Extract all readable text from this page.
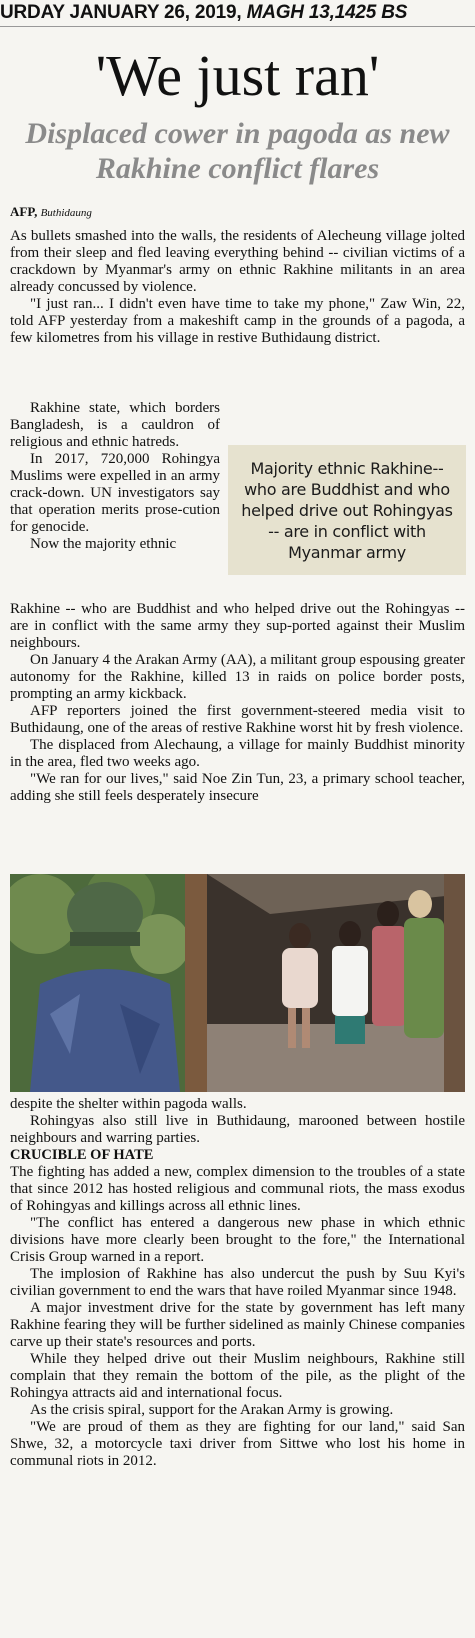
URDAY JANUARY 26, 2019, MAGH 13,1425 BS
'We just ran'
Displaced cower in pagoda as new Rakhine conflict flares
AFP, Buthidaung

As bullets smashed into the walls, the residents of Alecheung village jolted from their sleep and fled leaving everything behind -- civilian victims of a crackdown by Myanmar's army on ethnic Rakhine militants in an area already concussed by violence.

"I just ran... I didn't even have time to take my phone," Zaw Win, 22, told AFP yesterday from a makeshift camp in the grounds of a pagoda, a few kilometres from his village in restive Buthidaung district.

Rakhine state, which borders Bangladesh, is a cauldron of religious and ethnic hatreds.

In 2017, 720,000 Rohingya Muslims were expelled in an army crack-down. UN investigators say that operation merits prose-cution for genocide.

Now the majority ethnic

Majority ethnic Rakhine-- who are Buddhist and who helped drive out Rohingyas -- are in conflict with Myanmar army

Rakhine -- who are Buddhist and who helped drive out the Rohingyas -- are in conflict with the same army they sup-ported against their Muslim neighbours.

On January 4 the Arakan Army (AA), a militant group espousing greater autonomy for the Rakhine, killed 13 in raids on police border posts, prompting an army kickback.

AFP reporters joined the first government-steered media visit to Buthidaung, one of the areas of restive Rakhine worst hit by fresh violence.

The displaced from Alechaung, a village for mainly Buddhist minority in the area, fled two weeks ago.

"We ran for our lives," said Noe Zin Tun, 23, a primary school teacher, adding she still feels desperately insecure

despite the shelter within pagoda walls.

Rohingyas also still live in Buthidaung, marooned between hostile neighbours and warring parties.

CRUCIBLE OF HATE

The fighting has added a new, complex dimension to the troubles of a state that since 2012 has hosted religious and communal riots, the mass exodus of Rohingyas and killings across all ethnic lines.

"The conflict has entered a dangerous new phase in which ethnic divisions have more clearly been brought to the fore," the International Crisis Group warned in a report.

The implosion of Rakhine has also undercut the push by Suu Kyi's civilian government to end the wars that have roiled Myanmar since 1948.

A major investment drive for the state by government has left many Rakhine fearing they will be further sidelined as mainly Chinese companies carve up their state's resources and ports.

While they helped drive out their Muslim neighbours, Rakhine still complain that they remain the bottom of the pile, as the plight of the Rohingya attracts aid and international focus.

As the crisis spiral, support for the Arakan Army is growing.

"We are proud of them as they are fighting for our land," said San Shwe, 32, a motorcycle taxi driver from Sittwe who lost his home in communal riots in 2012.
